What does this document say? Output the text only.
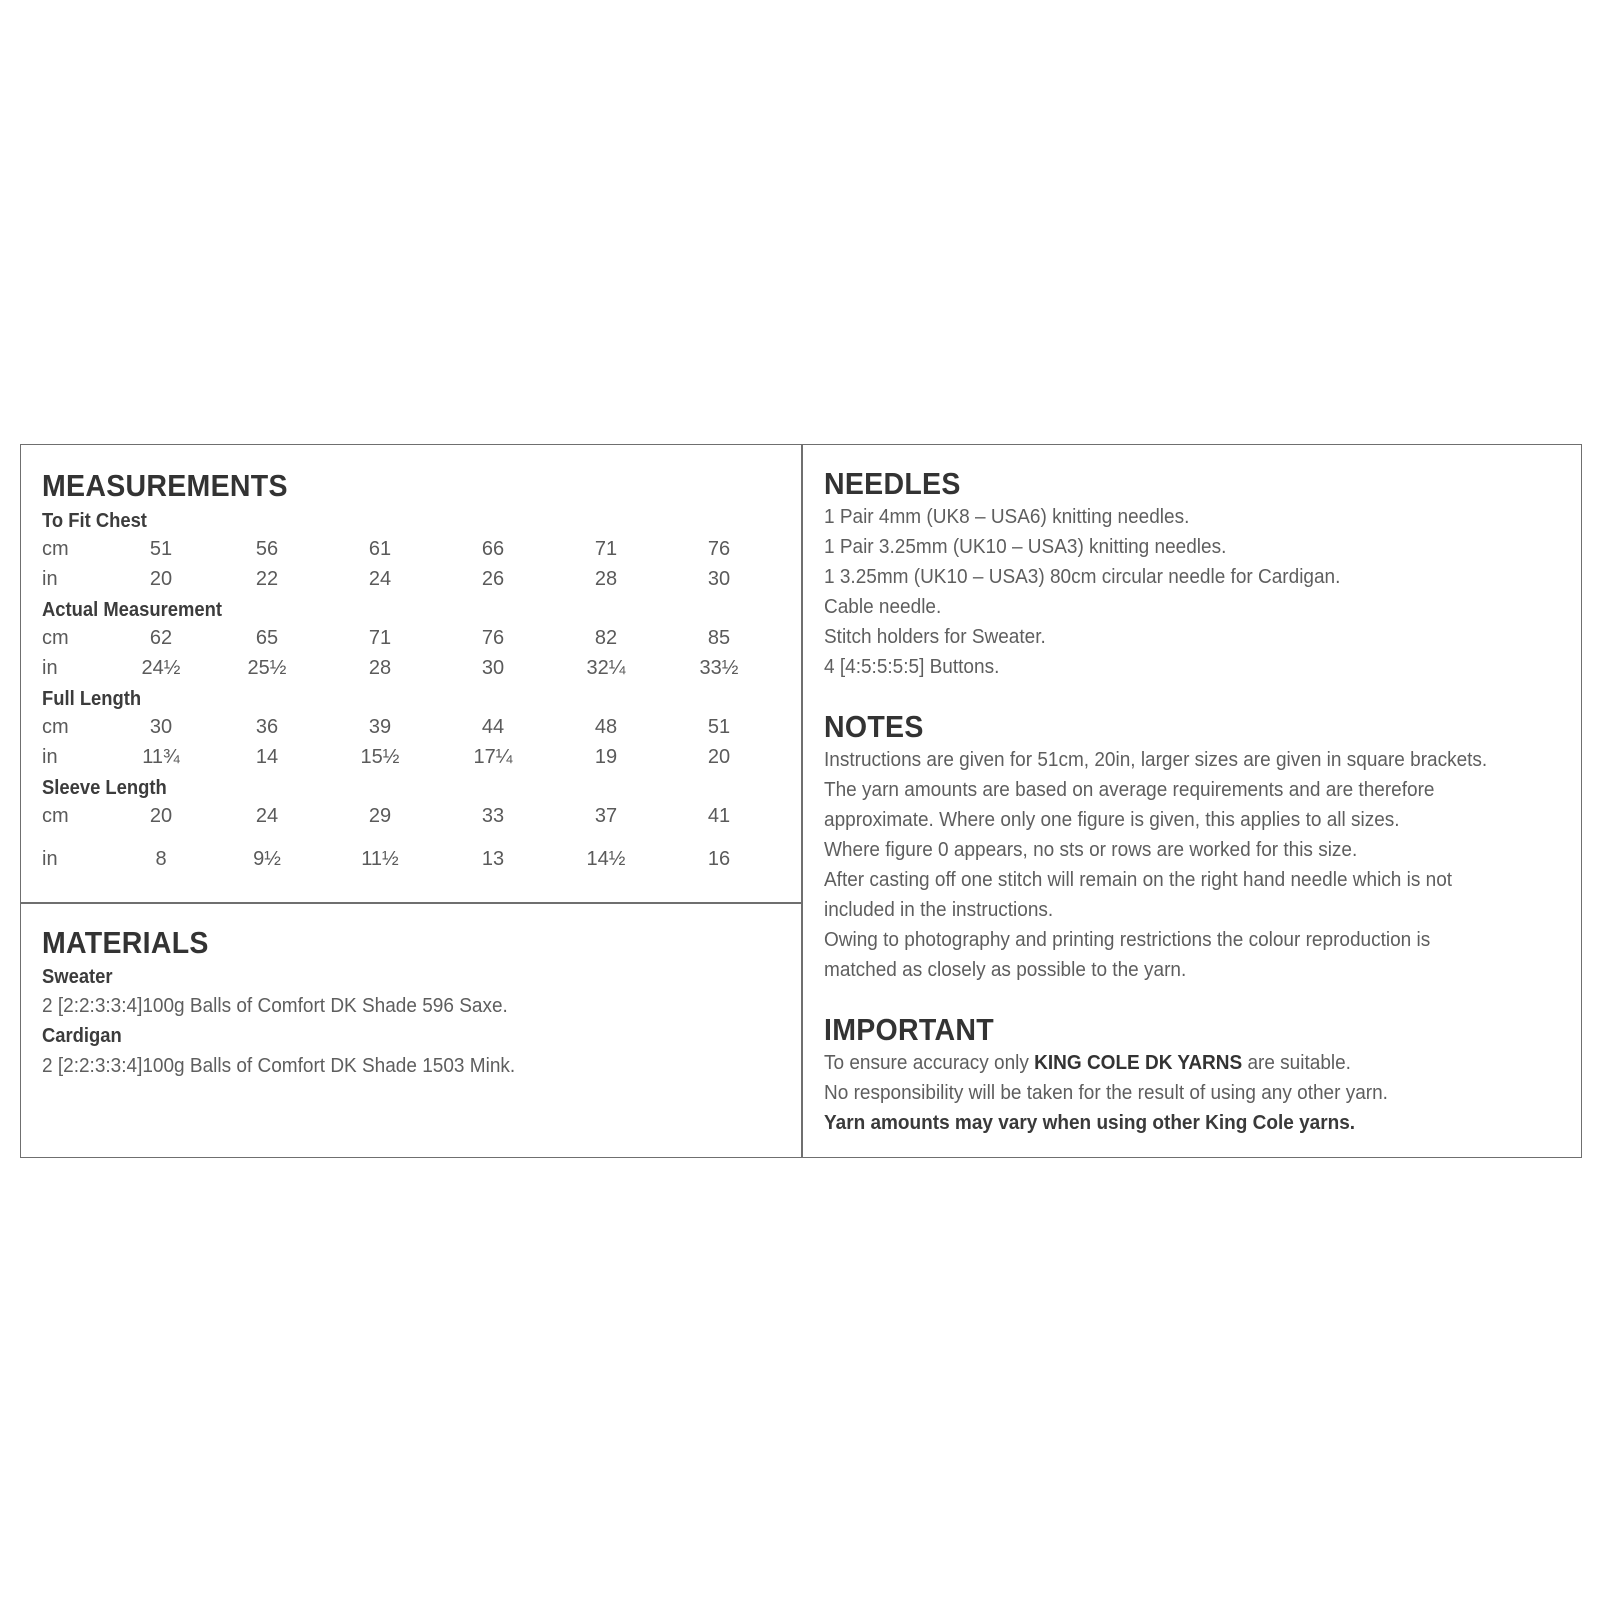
MEASUREMENTS
To Fit Chest
cm	51	56	61	66	71	76
in	20	22	24	26	28	30
Actual Measurement
cm	62	65	71	76	82	85
in	24½	25½	28	30	32¼	33½
Full Length
cm	30	36	39	44	48	51
in	11¾	14	15½	17¼	19	20
Sleeve Length
cm	20	24	29	33	37	41
in	8	9½	11½	13	14½	16
MATERIALS
Sweater
2 [2:2:3:3:4]100g Balls of Comfort DK Shade 596 Saxe.
Cardigan
2 [2:2:3:3:4]100g Balls of Comfort DK Shade 1503 Mink.
NEEDLES
1 Pair 4mm (UK8 – USA6) knitting needles.
1 Pair 3.25mm (UK10 – USA3) knitting needles.
1 3.25mm (UK10 – USA3) 80cm circular needle for Cardigan.
Cable needle.
Stitch holders for Sweater.
4 [4:5:5:5:5] Buttons.
NOTES
Instructions are given for 51cm, 20in, larger sizes are given in square brackets.
The yarn amounts are based on average requirements and are therefore
approximate. Where only one figure is given, this applies to all sizes.
Where figure 0 appears, no sts or rows are worked for this size.
After casting off one stitch will remain on the right hand needle which is not
included in the instructions.
Owing to photography and printing restrictions the colour reproduction is
matched as closely as possible to the yarn.
IMPORTANT
To ensure accuracy only KING COLE DK YARNS are suitable.
No responsibility will be taken for the result of using any other yarn.
Yarn amounts may vary when using other King Cole yarns.
